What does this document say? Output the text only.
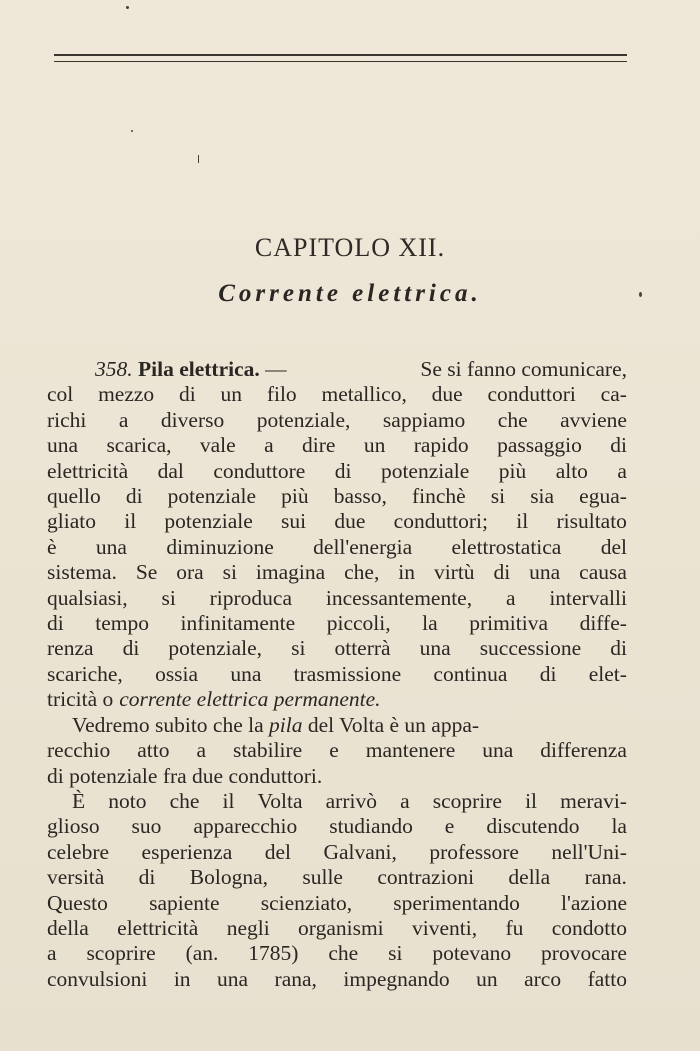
CAPITOLO XII.
Corrente elettrica.
358. Pila elettrica. —	Se si fanno comunicare,
col mezzo di un filo metallico, due conduttori ca-
richi a diverso potenziale, sappiamo che avviene
una scarica, vale a dire un rapido passaggio di
elettricità dal conduttore di potenziale più alto a
quello di potenziale più basso, finchè si sia egua-
gliato il potenziale sui due conduttori; il risultato
è una diminuzione dell'energia elettrostatica del
sistema. Se ora si imagina che, in virtù di una causa
qualsiasi, si riproduca incessantemente, a intervalli
di tempo infinitamente piccoli, la primitiva diffe-
renza di potenziale, si otterrà una successione di
scariche, ossia una trasmissione continua di elet-
tricità o corrente elettrica permanente.
Vedremo subito che la pila del Volta è un appa-
recchio atto a stabilire e mantenere una differenza
di potenziale fra due conduttori.
È noto che il Volta arrivò a scoprire il meravi-
glioso suo apparecchio studiando e discutendo la
celebre esperienza del Galvani, professore nell'Uni-
versità di Bologna, sulle contrazioni della rana.
Questo sapiente scienziato, sperimentando l'azione
della elettricità negli organismi viventi, fu condotto
a scoprire (an. 1785) che si potevano provocare
convulsioni in una rana, impegnando un arco fatto
